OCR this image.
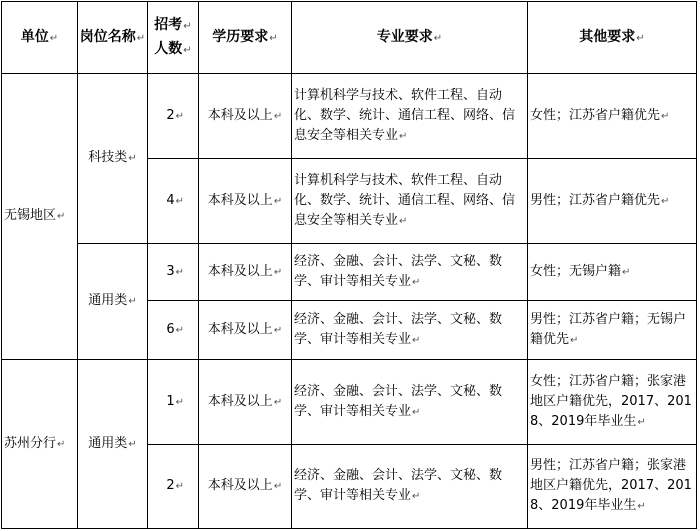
单位↵	岗位名称↵	招考↵
人数↵	学历要求↵	专业要求↵	其他要求↵
无锡地区↵	科技类↵	2↵	本科及以上↵	计算机科学与技术、软件工程、自动化、数学、统计、通信工程、网络、信息安全等相关专业↵	女性；江苏省户籍优先↵
		4↵	本科及以上↵	计算机科学与技术、软件工程、自动化、数学、统计、通信工程、网络、信息安全等相关专业↵	男性；江苏省户籍优先↵
	通用类↵	3↵	本科及以上↵	经济、金融、会计、法学、文秘、数学、审计等相关专业↵	女性；无锡户籍↵
		6↵	本科及以上↵	经济、金融、会计、法学、文秘、数学、审计等相关专业↵	男性；江苏省户籍；无锡户籍优先↵
苏州分行↵	通用类↵	1↵	本科及以上↵	经济、金融、会计、法学、文秘、数学、审计等相关专业↵	女性；江苏省户籍；张家港地区户籍优先，2017、2018、2019年毕业生↵
		2↵	本科及以上↵	经济、金融、会计、法学、文秘、数学、审计等相关专业↵	男性；江苏省户籍；张家港地区户籍优先，2017、2018、2019年毕业生↵
